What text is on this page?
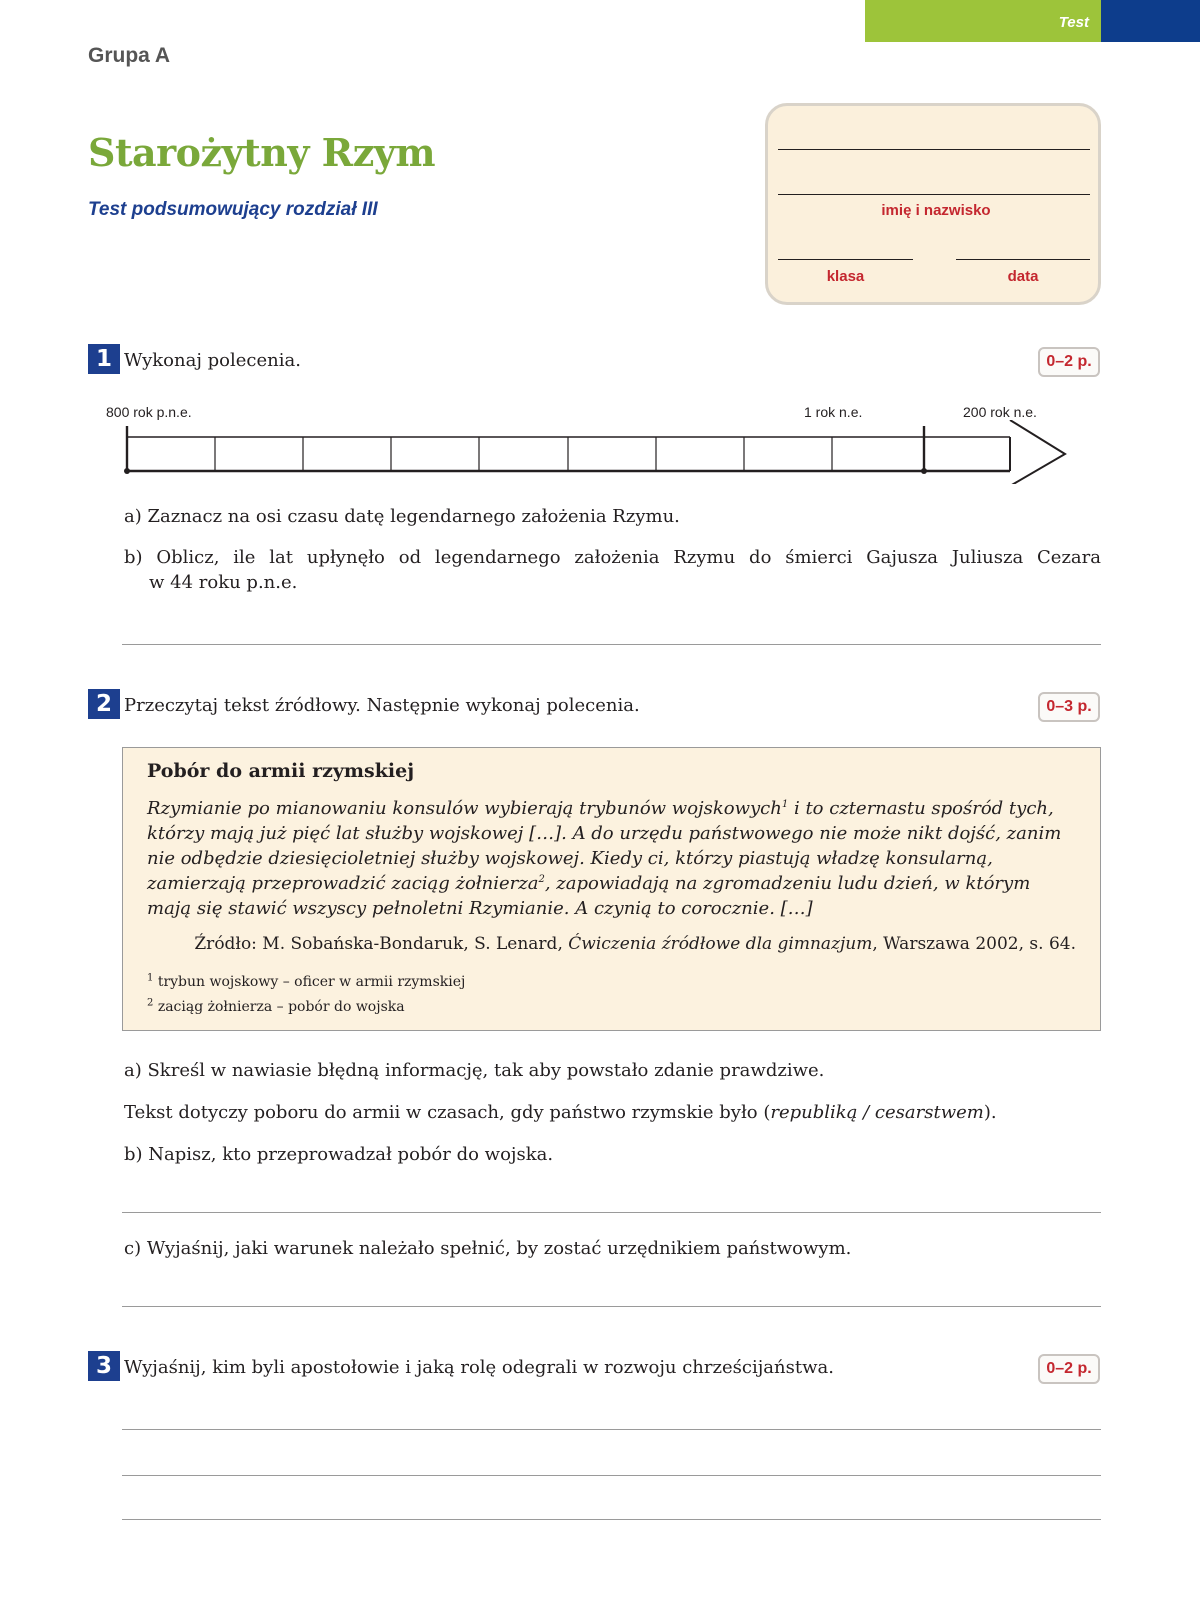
Test
Grupa A
Starożytny Rzym
Test podsumowujący rozdział III	imię i nazwisko
klasa	data
1 Wykonaj polecenia.	0–2 p.
800 rok p.n.e.	1 rok n.e.	200 rok n.e.
a) Zaznacz na osi czasu datę legendarnego założenia Rzymu.
b) Oblicz, ile lat upłynęło od legendarnego założenia Rzymu do śmierci Gajusza Juliusza Cezara
w 44 roku p.n.e.
2 Przeczytaj tekst źródłowy. Następnie wykonaj polecenia.	0–3 p.
Pobór do armii rzymskiej
Rzymianie po mianowaniu konsulów wybierają trybunów wojskowych$^1$ i to czternastu spośród tych, którzy mają już pięć lat służby wojskowej […]. A do urzędu państwowego nie może nikt dojść, zanim nie odbędzie dziesięcioletniej służby wojskowej. Kiedy ci, którzy piastują władzę konsularną, zamierzają przeprowadzić zaciąg żołnierza$^2$, zapowiadają na zgromadzeniu ludu dzień, w którym mają się stawić wszyscy pełnoletni Rzymianie. A czynią to corocznie. […]
Źródło: M. Sobańska-Bondaruk, S. Lenard, Ćwiczenia źródłowe dla gimnazjum, Warszawa 2002, s. 64.
$^1$ trybun wojskowy – oficer w armii rzymskiej
$^2$ zaciąg żołnierza – pobór do wojska
a) Skreśl w nawiasie błędną informację, tak aby powstało zdanie prawdziwe.
Tekst dotyczy poboru do armii w czasach, gdy państwo rzymskie było (republiką / cesarstwem).
b) Napisz, kto przeprowadzał pobór do wojska.
c) Wyjaśnij, jaki warunek należało spełnić, by zostać urzędnikiem państwowym.
3 Wyjaśnij, kim byli apostołowie i jaką rolę odegrali w rozwoju chrześcijaństwa.	0–2 p.
